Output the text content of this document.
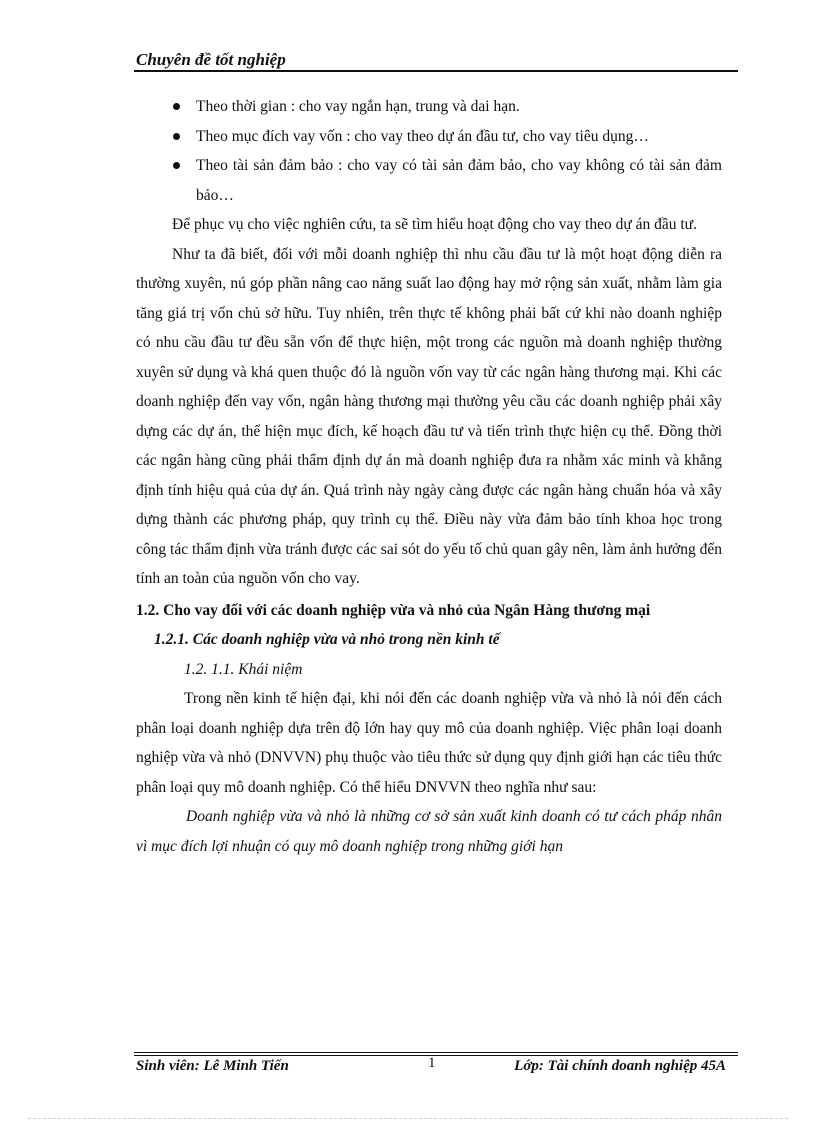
Chuyên đề tốt nghiệp
Theo thời gian : cho vay ngắn hạn, trung và dai hạn.
Theo mục đích vay vốn : cho vay theo dự án đầu tư, cho vay tiêu dụng…
Theo tài sản đảm bảo : cho vay có tài sản đảm bảo, cho vay không có tài sản đảm bảo…

Để phục vụ cho việc nghiên cứu, ta sẽ tìm hiểu hoạt động cho vay theo dự án đầu tư.

Như ta đã biết, đối với mỗi doanh nghiệp thì nhu cầu đầu tư là một hoạt động diễn ra thường xuyên, nú góp phần nâng cao năng suất lao động hay mở rộng sản xuất, nhằm làm gia tăng giá trị vốn chủ sở hữu. Tuy nhiên, trên thực tế không phải bất cứ khi nào doanh nghiệp có nhu cầu đầu tư đều sẵn vốn để thực hiện, một trong các nguồn mà doanh nghiệp thường xuyên sử dụng và khá quen thuộc đó là nguồn vốn vay từ các ngân hàng thương mại. Khi các doanh nghiệp đến vay vốn, ngân hàng thương mại thường yêu cầu các doanh nghiệp phải xây dựng các dự án, thể hiện mục đích, kế hoạch đầu tư và tiến trình thực hiện cụ thể. Đồng thời các ngân hàng cũng phải thẩm định dự án mà doanh nghiệp đưa ra nhằm xác minh và khẳng định tính hiệu quả của dự án. Quá trình này ngày càng được các ngân hàng chuẩn hóa và xây dựng thành các phương pháp, quy trình cụ thể. Điều này vừa đảm bảo tính khoa học trong công tác thẩm định vừa tránh được các sai sót do yếu tố chủ quan gây nên, làm ảnh hưởng đến tính an toàn của nguồn vốn cho vay.

1.2. Cho vay đối với các doanh nghiệp vừa và nhỏ của Ngân Hàng thương mại

1.2.1. Các doanh nghiệp vừa và nhỏ trong nền kinh tế

1.2. 1.1. Khái niệm

Trong nền kinh tế hiện đại, khi nói đến các doanh nghiệp vừa và nhỏ là nói đến cách phân loại doanh nghiệp dựa trên độ lớn hay quy mô của doanh nghiệp. Việc phân loại doanh nghiệp vừa và nhỏ (DNVVN) phụ thuộc vào tiêu thức sử dụng quy định giới hạn các tiêu thức phân loại quy mô doanh nghiệp. Có thể hiểu DNVVN theo nghĩa như sau:

Doanh nghiệp vừa và nhỏ là những cơ sở sản xuất kinh doanh có tư cách pháp nhân vì mục đích lợi nhuận có quy mô doanh nghiệp trong những giới hạn

Sinh viên: Lê Minh Tiến	1	Lớp: Tài chính doanh nghiệp 45A
